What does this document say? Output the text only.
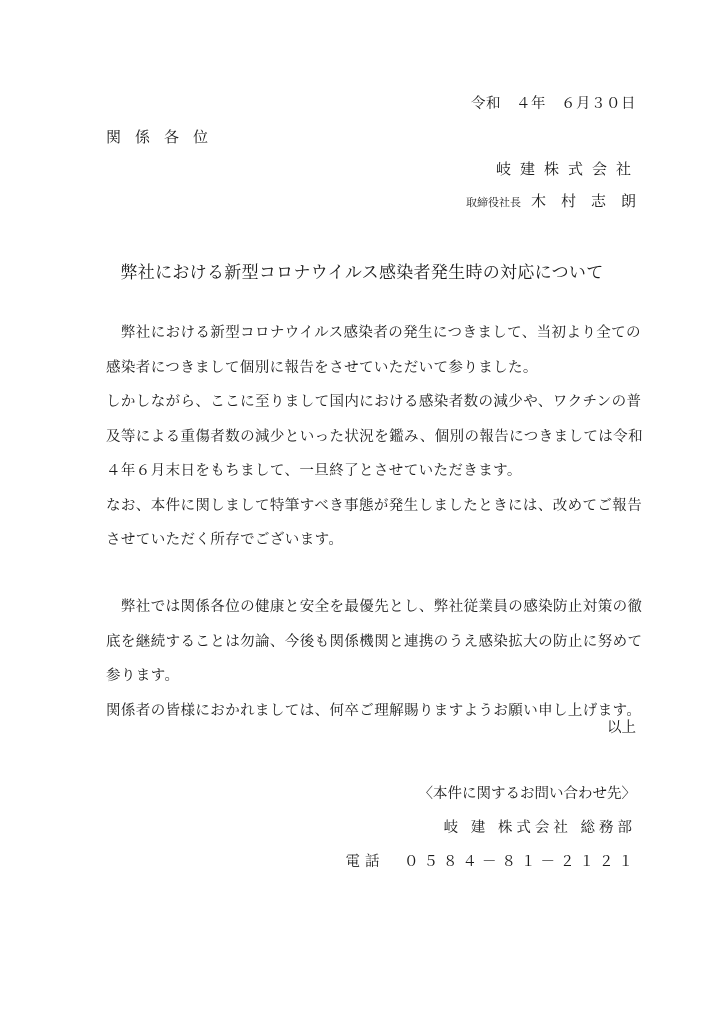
令和　４年　６月３０日
関係各位
岐建株式会社
取締役社長 木村志朗
弊社における新型コロナウイルス感染者発生時の対応について
　弊社における新型コロナウイルス感染者の発生につきまして、当初より全ての
感染者につきまして個別に報告をさせていただいて参りました。
しかしながら、ここに至りまして国内における感染者数の減少や、ワクチンの普
及等による重傷者数の減少といった状況を鑑み、個別の報告につきましては令和
４年６月末日をもちまして、一旦終了とさせていただきます。
なお、本件に関しまして特筆すべき事態が発生しましたときには、改めてご報告
させていただく所存でございます。
　弊社では関係各位の健康と安全を最優先とし、弊社従業員の感染防止対策の徹
底を継続することは勿論、今後も関係機関と連携のうえ感染拡大の防止に努めて
参ります。
関係者の皆様におかれましては、何卒ご理解賜りますようお願い申し上げます。
以上
〈本件に関するお問い合わせ先〉
岐 建 株式会社 総務部
電話　０５８４－８１－２１２１
